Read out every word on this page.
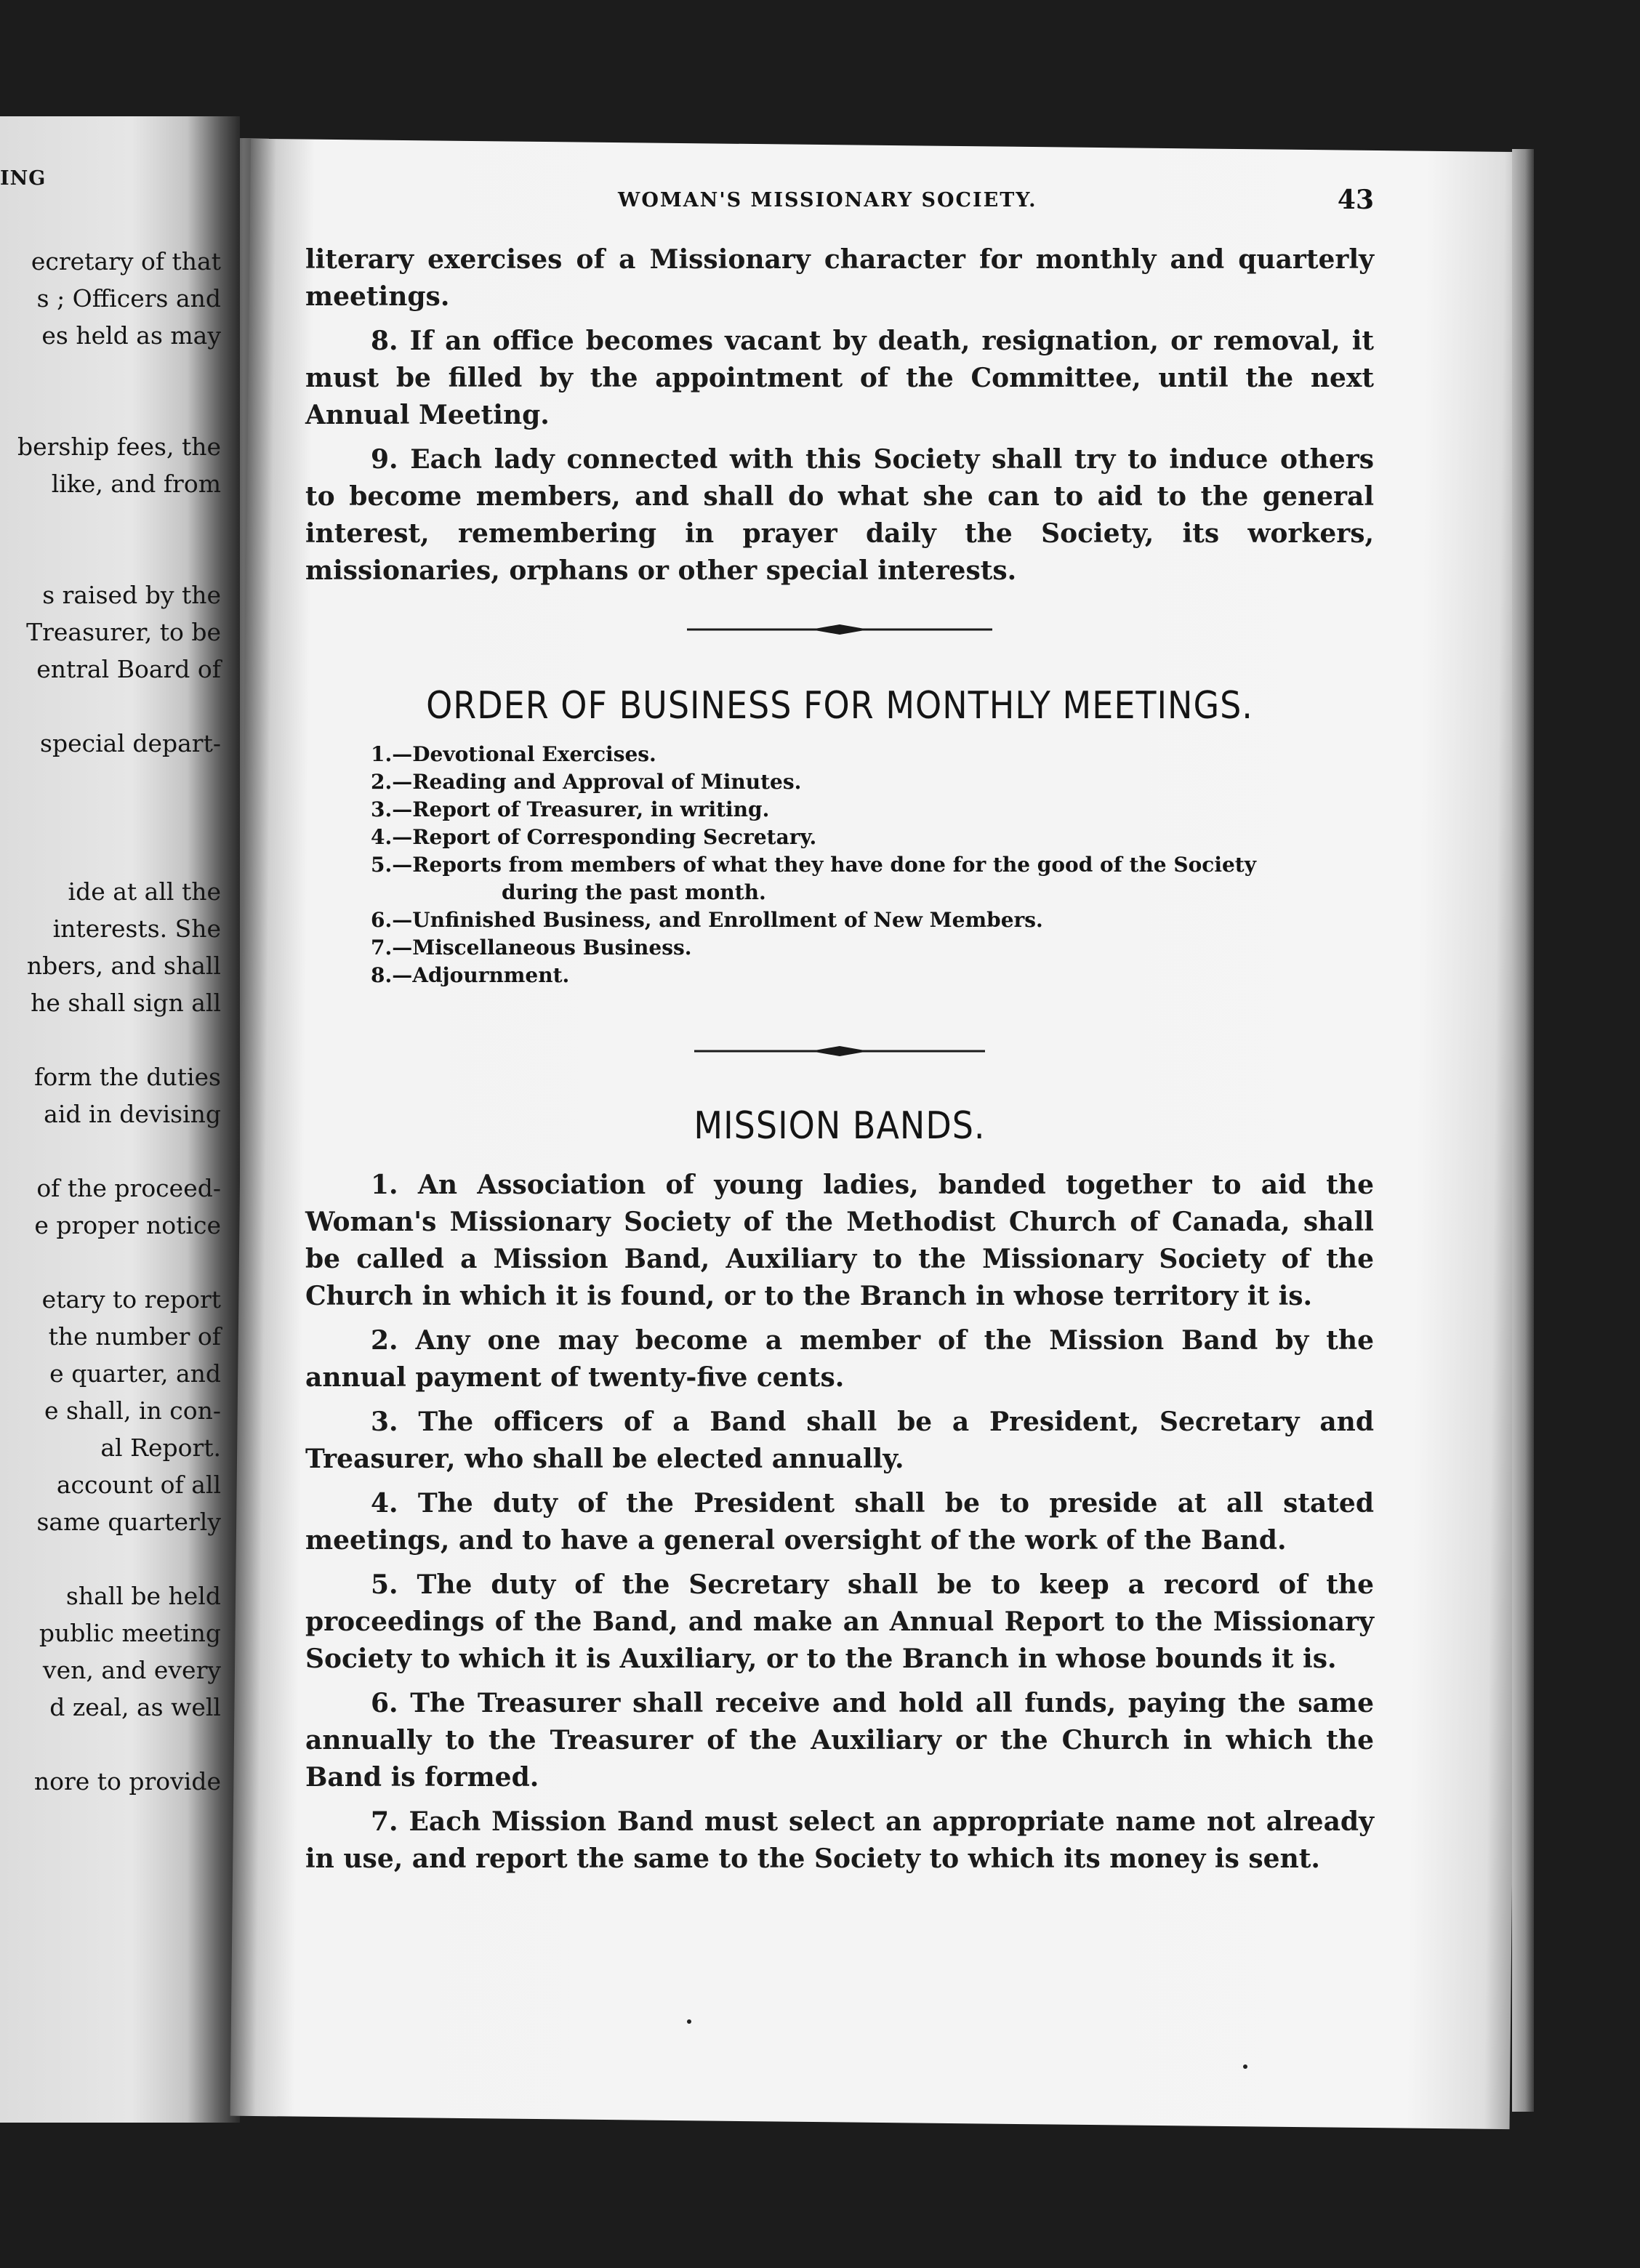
ING
ecretary of that
s ; Officers and
es held as may
bership fees, the
like, and from
s raised by the
Treasurer, to be
entral Board of
special depart-
ide at all the
interests. She
nbers, and shall
he shall sign all
form the duties
aid in devising
of the proceed-
e proper notice
etary to report
the number of
e quarter, and
e shall, in con-
al Report.
account of all
same quarterly
shall be held
public meeting
ven, and every
d zeal, as well
nore to provide
WOMAN'S MISSIONARY SOCIETY.	43

literary exercises of a Missionary character for monthly and quarterly meetings.

8. If an office becomes vacant by death, resignation, or removal, it must be filled by the appointment of the Committee, until the next Annual Meeting.

9. Each lady connected with this Society shall try to induce others to become members, and shall do what she can to aid to the general interest, remembering in prayer daily the Society, its workers, missionaries, orphans or other special interests.

ORDER OF BUSINESS FOR MONTHLY MEETINGS.
1.—Devotional Exercises.
2.—Reading and Approval of Minutes.
3.—Report of Treasurer, in writing.
4.—Report of Corresponding Secretary.
5.—Reports from members of what they have done for the good of the Society
during the past month.
6.—Unfinished Business, and Enrollment of New Members.
7.—Miscellaneous Business.
8.—Adjournment.
MISSION BANDS.

1. An Association of young ladies, banded together to aid the Woman's Missionary Society of the Methodist Church of Canada, shall be called a Mission Band, Auxiliary to the Missionary Society of the Church in which it is found, or to the Branch in whose territory it is.

2. Any one may become a member of the Mission Band by the annual payment of twenty-five cents.

3. The officers of a Band shall be a President, Secretary and Treasurer, who shall be elected annually.

4. The duty of the President shall be to preside at all stated meetings, and to have a general oversight of the work of the Band.

5. The duty of the Secretary shall be to keep a record of the proceedings of the Band, and make an Annual Report to the Missionary Society to which it is Auxiliary, or to the Branch in whose bounds it is.

6. The Treasurer shall receive and hold all funds, paying the same annually to the Treasurer of the Auxiliary or the Church in which the Band is formed.

7. Each Mission Band must select an appropriate name not already in use, and report the same to the Society to which its money is sent.
